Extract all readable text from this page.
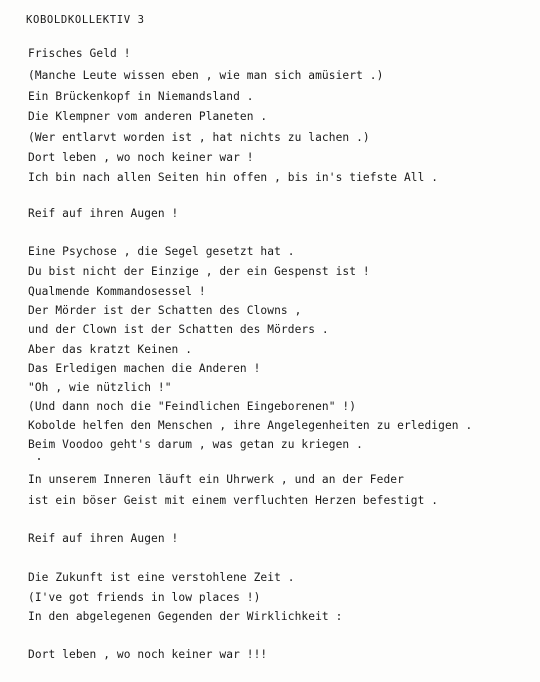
KOBOLDKOLLEKTIV 3

Frisches Geld !

(Manche Leute wissen eben , wie man sich amüsiert .)

Ein Brückenkopf in Niemandsland .

Die Klempner vom anderen Planeten .

(Wer entlarvt worden ist , hat nichts zu lachen .)

Dort leben , wo noch keiner war !

Ich bin nach allen Seiten hin offen , bis in's tiefste All .

Reif auf ihren Augen !

Eine Psychose , die Segel gesetzt hat .

Du bist nicht der Einzige , der ein Gespenst ist !

Qualmende Kommandosessel !

Der Mörder ist der Schatten des Clowns ,

und der Clown ist der Schatten des Mörders .

Aber das kratzt Keinen .

Das Erledigen machen die Anderen !

"Oh , wie nützlich !"

(Und dann noch die "Feindlichen Eingeborenen" !)

Kobolde helfen den Menschen , ihre Angelegenheiten zu erledigen .

Beim Voodoo geht's darum , was getan zu kriegen .

In unserem Inneren läuft ein Uhrwerk , und an der Feder

ist ein böser Geist mit einem verfluchten Herzen befestigt .

Reif auf ihren Augen !

Die Zukunft ist eine verstohlene Zeit .

(I've got friends in low places !)

In den abgelegenen Gegenden der Wirklichkeit :

Dort leben , wo noch keiner war !!!
